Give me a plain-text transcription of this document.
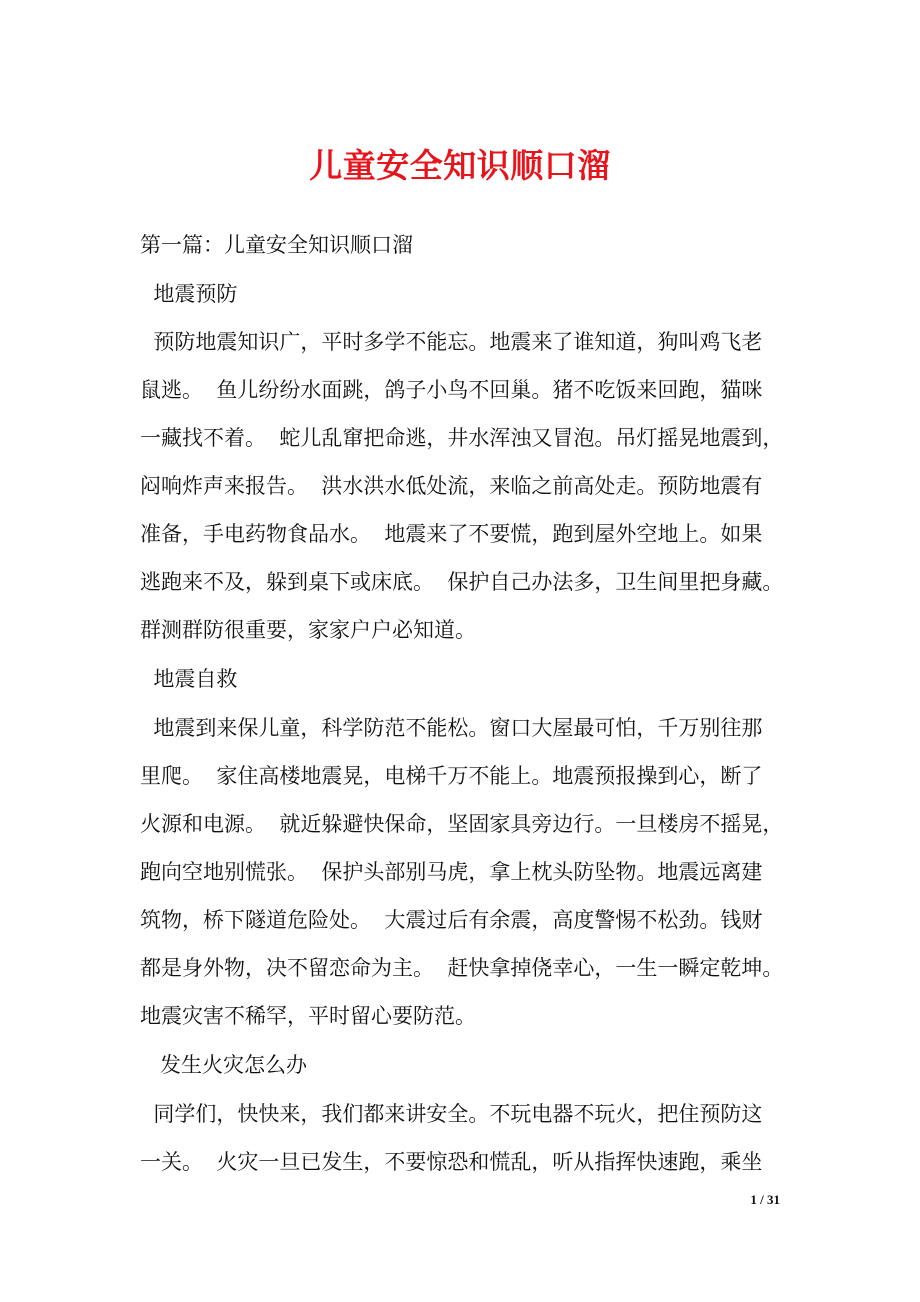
儿童安全知识顺口溜
第一篇：儿童安全知识顺口溜
地震预防
预防地震知识广，平时多学不能忘。地震来了谁知道，狗叫鸡飞老
鼠逃。  鱼儿纷纷水面跳，鸽子小鸟不回巢。猪不吃饭来回跑，猫咪
一藏找不着。  蛇儿乱窜把命逃，井水浑浊又冒泡。吊灯摇晃地震到，
闷响炸声来报告。  洪水洪水低处流，来临之前高处走。预防地震有
准备，手电药物食品水。  地震来了不要慌，跑到屋外空地上。如果
逃跑来不及，躲到桌下或床底。  保护自己办法多，卫生间里把身藏。
群测群防很重要，家家户户必知道。
地震自救
地震到来保儿童，科学防范不能松。窗口大屋最可怕，千万别往那
里爬。  家住高楼地震晃，电梯千万不能上。地震预报操到心，断了
火源和电源。  就近躲避快保命，坚固家具旁边行。一旦楼房不摇晃，
跑向空地别慌张。  保护头部别马虎，拿上枕头防坠物。地震远离建
筑物，桥下隧道危险处。  大震过后有余震，高度警惕不松劲。钱财
都是身外物，决不留恋命为主。  赶快拿掉侥幸心，一生一瞬定乾坤。
地震灾害不稀罕，平时留心要防范。
发生火灾怎么办
同学们，快快来，我们都来讲安全。不玩电器不玩火，把住预防这
一关。  火灾一旦已发生，不要惊恐和慌乱，听从指挥快速跑，乘坐
1 / 31
